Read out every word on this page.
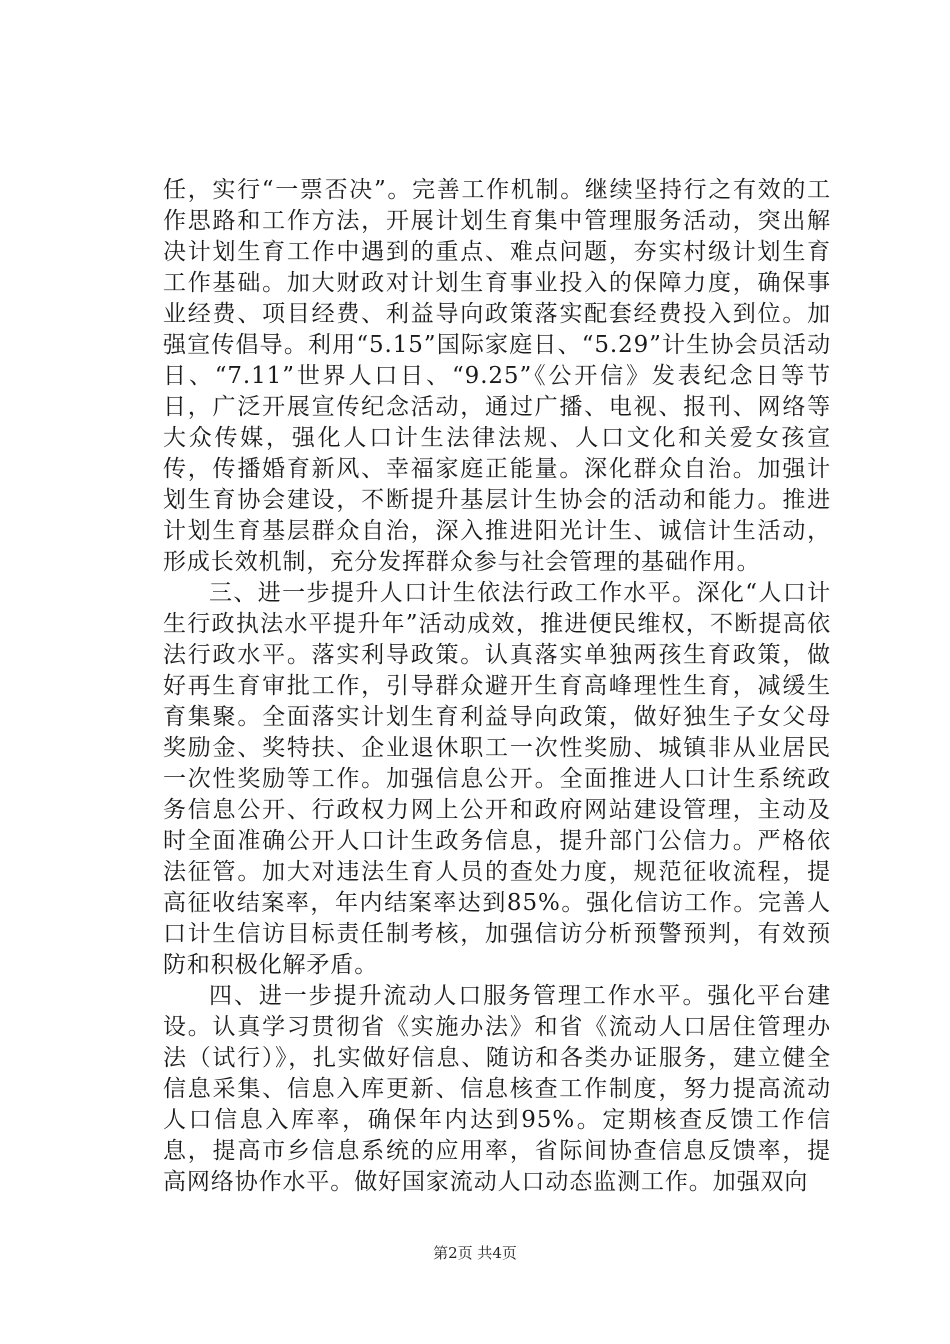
任，实行“一票否决”。完善工作机制。继续坚持行之有效的工作思路和工作方法，开展计划生育集中管理服务活动，突出解决计划生育工作中遇到的重点、难点问题，夯实村级计划生育工作基础。加大财政对计划生育事业投入的保障力度，确保事业经费、项目经费、利益导向政策落实配套经费投入到位。加强宣传倡导。利用“5.15”国际家庭日、“5.29”计生协会员活动日、“7.11”世界人口日、“9.25”《公开信》发表纪念日等节日，广泛开展宣传纪念活动，通过广播、电视、报刊、网络等大众传媒，强化人口计生法律法规、人口文化和关爱女孩宣传，传播婚育新风、幸福家庭正能量。深化群众自治。加强计划生育协会建设，不断提升基层计生协会的活动和能力。推进计划生育基层群众自治，深入推进阳光计生、诚信计生活动，形成长效机制，充分发挥群众参与社会管理的基础作用。

三、进一步提升人口计生依法行政工作水平。深化“人口计生行政执法水平提升年”活动成效，推进便民维权，不断提高依法行政水平。落实利导政策。认真落实单独两孩生育政策，做好再生育审批工作，引导群众避开生育高峰理性生育，减缓生育集聚。全面落实计划生育利益导向政策，做好独生子女父母奖励金、奖特扶、企业退休职工一次性奖励、城镇非从业居民一次性奖励等工作。加强信息公开。全面推进人口计生系统政务信息公开、行政权力网上公开和政府网站建设管理，主动及时全面准确公开人口计生政务信息，提升部门公信力。严格依法征管。加大对违法生育人员的查处力度，规范征收流程，提高征收结案率，年内结案率达到85%。强化信访工作。完善人口计生信访目标责任制考核，加强信访分析预警预判，有效预防和积极化解矛盾。

四、进一步提升流动人口服务管理工作水平。强化平台建设。认真学习贯彻省《实施办法》和省《流动人口居住管理办法（试行）》，扎实做好信息、随访和各类办证服务，建立健全信息采集、信息入库更新、信息核查工作制度，努力提高流动人口信息入库率，确保年内达到95%。定期核查反馈工作信息，提高市乡信息系统的应用率，省际间协查信息反馈率，提高网络协作水平。做好国家流动人口动态监测工作。加强双向

第2页 共4页
